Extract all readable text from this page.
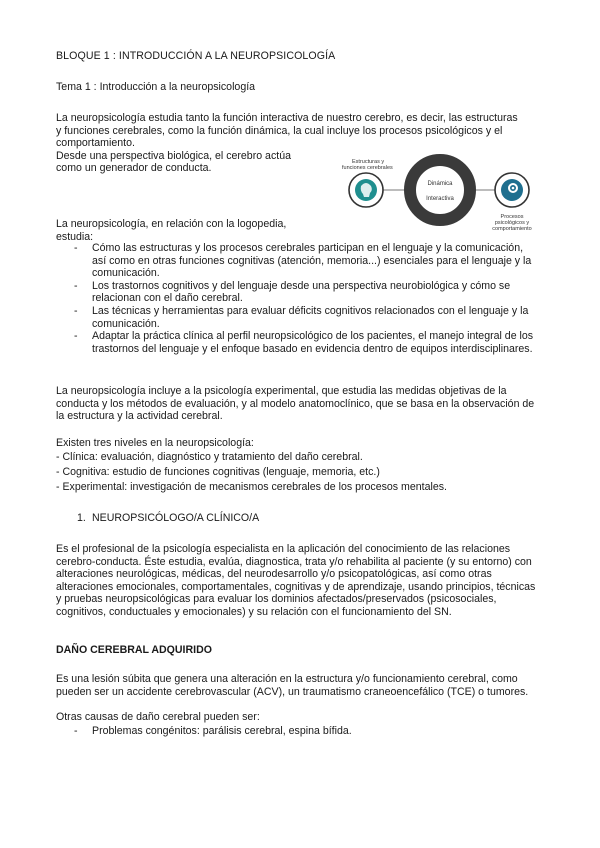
BLOQUE 1 : INTRODUCCIÓN A LA NEUROPSICOLOGÍA
Tema 1 : Introducción a la neuropsicología
La neuropsicología estudia tanto la función interactiva de nuestro cerebro, es decir, las estructuras
y funciones cerebrales, como la función dinámica, la cual incluye los procesos psicológicos y el
comportamiento.
Desde una perspectiva biológica, el cerebro actúa
como un generador de conducta.
Dinámica
Interactiva
Estructuras y
funciones cerebrales
Procesos
psicológicos y
comportamiento
La neuropsicología, en relación con la logopedia,
estudia:
- Cómo las estructuras y los procesos cerebrales participan en el lenguaje y la comunicación, así como en otras funciones cognitivas (atención, memoria...) esenciales para el lenguaje y la comunicación.
- Los trastornos cognitivos y del lenguaje desde una perspectiva neurobiológica y cómo se relacionan con el daño cerebral.
- Las técnicas y herramientas para evaluar déficits cognitivos relacionados con el lenguaje y la comunicación.
- Adaptar la práctica clínica al perfil neuropsicológico de los pacientes, el manejo integral de los trastornos del lenguaje y el enfoque basado en evidencia dentro de equipos interdisciplinares.
La neuropsicología incluye a la psicología experimental, que estudia las medidas objetivas de la conducta y los métodos de evaluación, y al modelo anatomoclínico, que se basa en la observación de la estructura y la actividad cerebral.
Existen tres niveles en la neuropsicología:
- Clínica: evaluación, diagnóstico y tratamiento del daño cerebral.
- Cognitiva: estudio de funciones cognitivas (lenguaje, memoria, etc.)
- Experimental: investigación de mecanismos cerebrales de los procesos mentales.
1. NEUROPSICÓLOGO/A CLÍNICO/A
Es el profesional de la psicología especialista en la aplicación del conocimiento de las relaciones cerebro-conducta. Éste estudia, evalúa, diagnostica, trata y/o rehabilita al paciente (y su entorno) con alteraciones neurológicas, médicas, del neurodesarrollo y/o psicopatológicas, así como otras alteraciones emocionales, comportamentales, cognitivas y de aprendizaje, usando principios, técnicas y pruebas neuropsicológicas para evaluar los dominios afectados/preservados (psicosociales, cognitivos, conductuales y emocionales) y su relación con el funcionamiento del SN.
DAÑO CEREBRAL ADQUIRIDO
Es una lesión súbita que genera una alteración en la estructura y/o funcionamiento cerebral, como pueden ser un accidente cerebrovascular (ACV), un traumatismo craneoencefálico (TCE) o tumores.
Otras causas de daño cerebral pueden ser:
- Problemas congénitos: parálisis cerebral, espina bífida.
